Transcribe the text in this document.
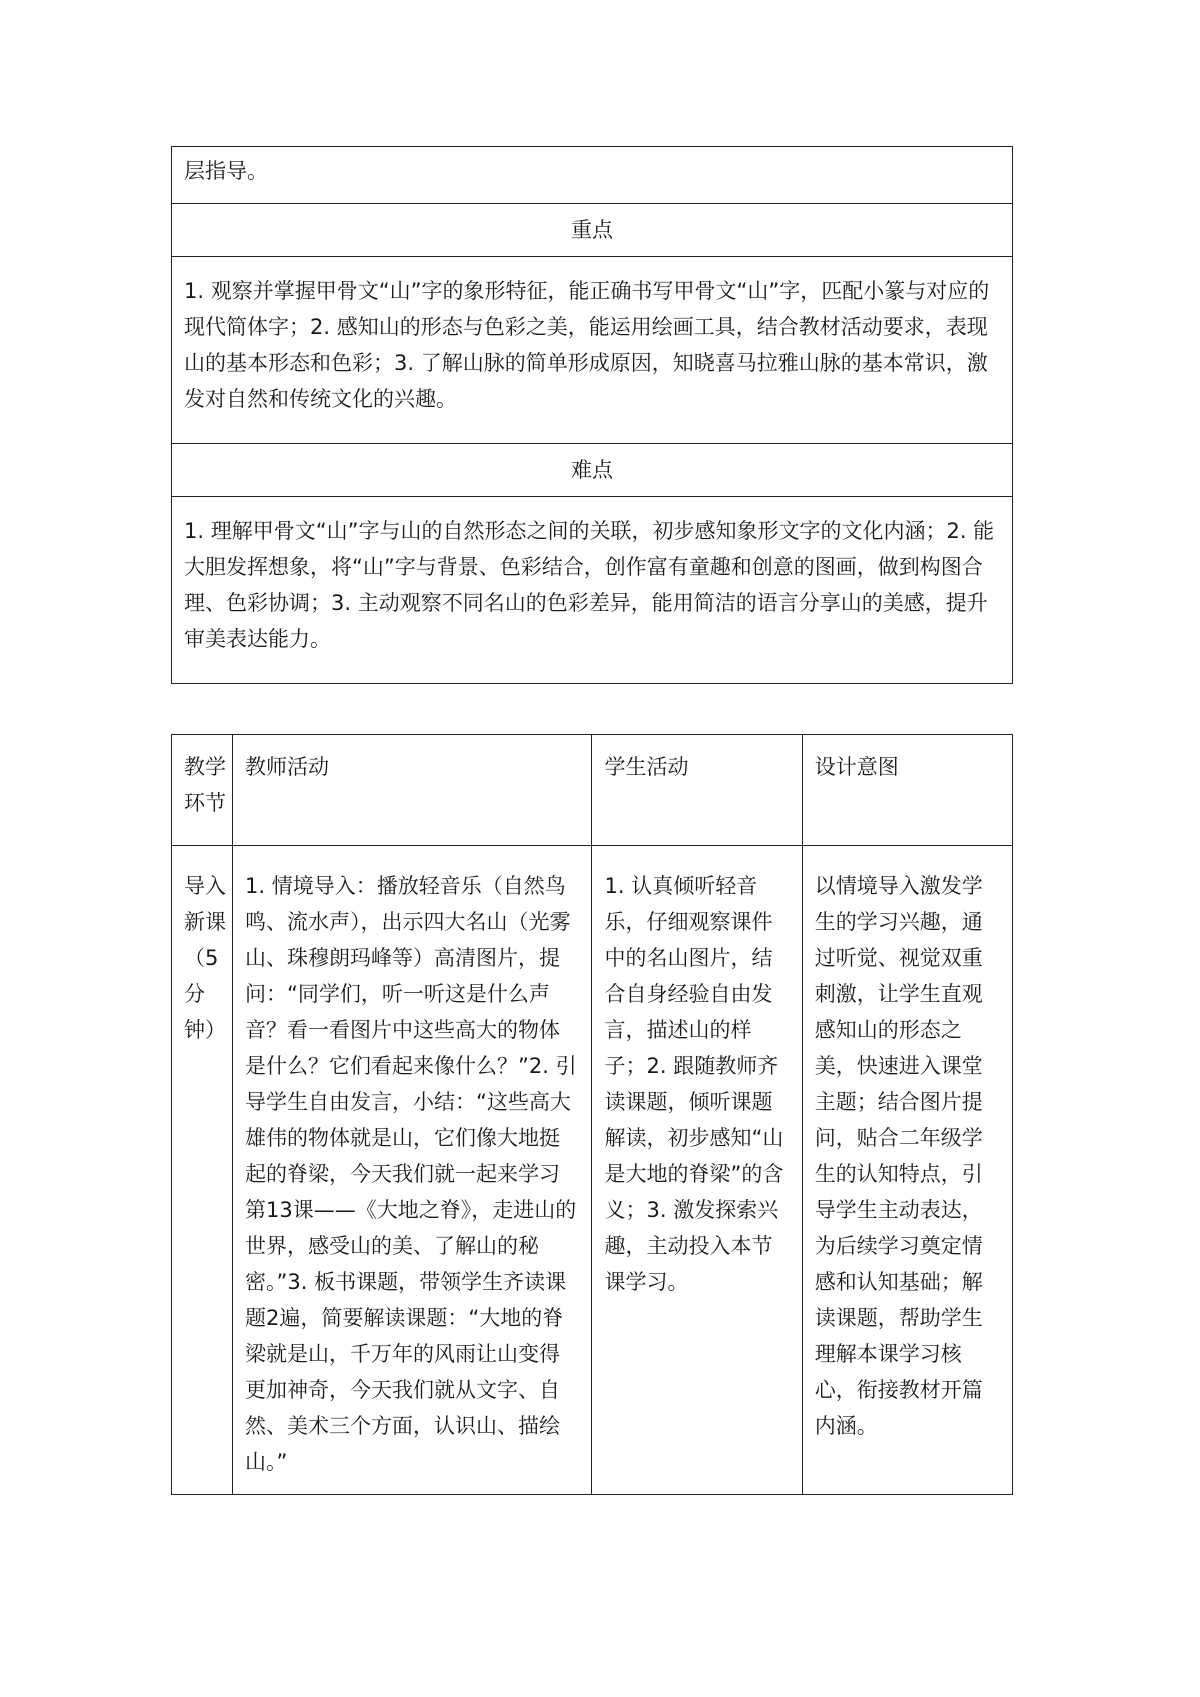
层指导。
重点
1. 观察并掌握甲骨文“山”字的象形特征，能正确书写甲骨文“山”字，匹配小篆与对应的现代简体字；2. 感知山的形态与色彩之美，能运用绘画工具，结合教材活动要求，表现山的基本形态和色彩；3. 了解山脉的简单形成原因，知晓喜马拉雅山脉的基本常识，激发对自然和传统文化的兴趣。
难点
1. 理解甲骨文“山”字与山的自然形态之间的关联，初步感知象形文字的文化内涵；2. 能大胆发挥想象，将“山”字与背景、色彩结合，创作富有童趣和创意的图画，做到构图合理、色彩协调；3. 主动观察不同名山的色彩差异，能用简洁的语言分享山的美感，提升审美表达能力。
教学环节	教师活动	学生活动	设计意图
导入新课（5分钟）	1. 情境导入：播放轻音乐（自然鸟鸣、流水声），出示四大名山（光雾山、珠穆朗玛峰等）高清图片，提问：“同学们，听一听这是什么声音？看一看图片中这些高大的物体是什么？它们看起来像什么？”2. 引导学生自由发言，小结：“这些高大雄伟的物体就是山，它们像大地挺起的脊梁，今天我们就一起来学习第13课——《大地之脊》，走进山的世界，感受山的美、了解山的秘密。”3. 板书课题，带领学生齐读课题2遍，简要解读课题：“大地的脊梁就是山，千万年的风雨让山变得更加神奇，今天我们就从文字、自然、美术三个方面，认识山、描绘山。”	1. 认真倾听轻音乐，仔细观察课件中的名山图片，结合自身经验自由发言，描述山的样子；2. 跟随教师齐读课题，倾听课题解读，初步感知“山是大地的脊梁”的含义；3. 激发探索兴趣，主动投入本节课学习。	以情境导入激发学生的学习兴趣，通过听觉、视觉双重刺激，让学生直观感知山的形态之美，快速进入课堂主题；结合图片提问，贴合二年级学生的认知特点，引导学生主动表达，为后续学习奠定情感和认知基础；解读课题，帮助学生理解本课学习核心，衔接教材开篇内涵。
